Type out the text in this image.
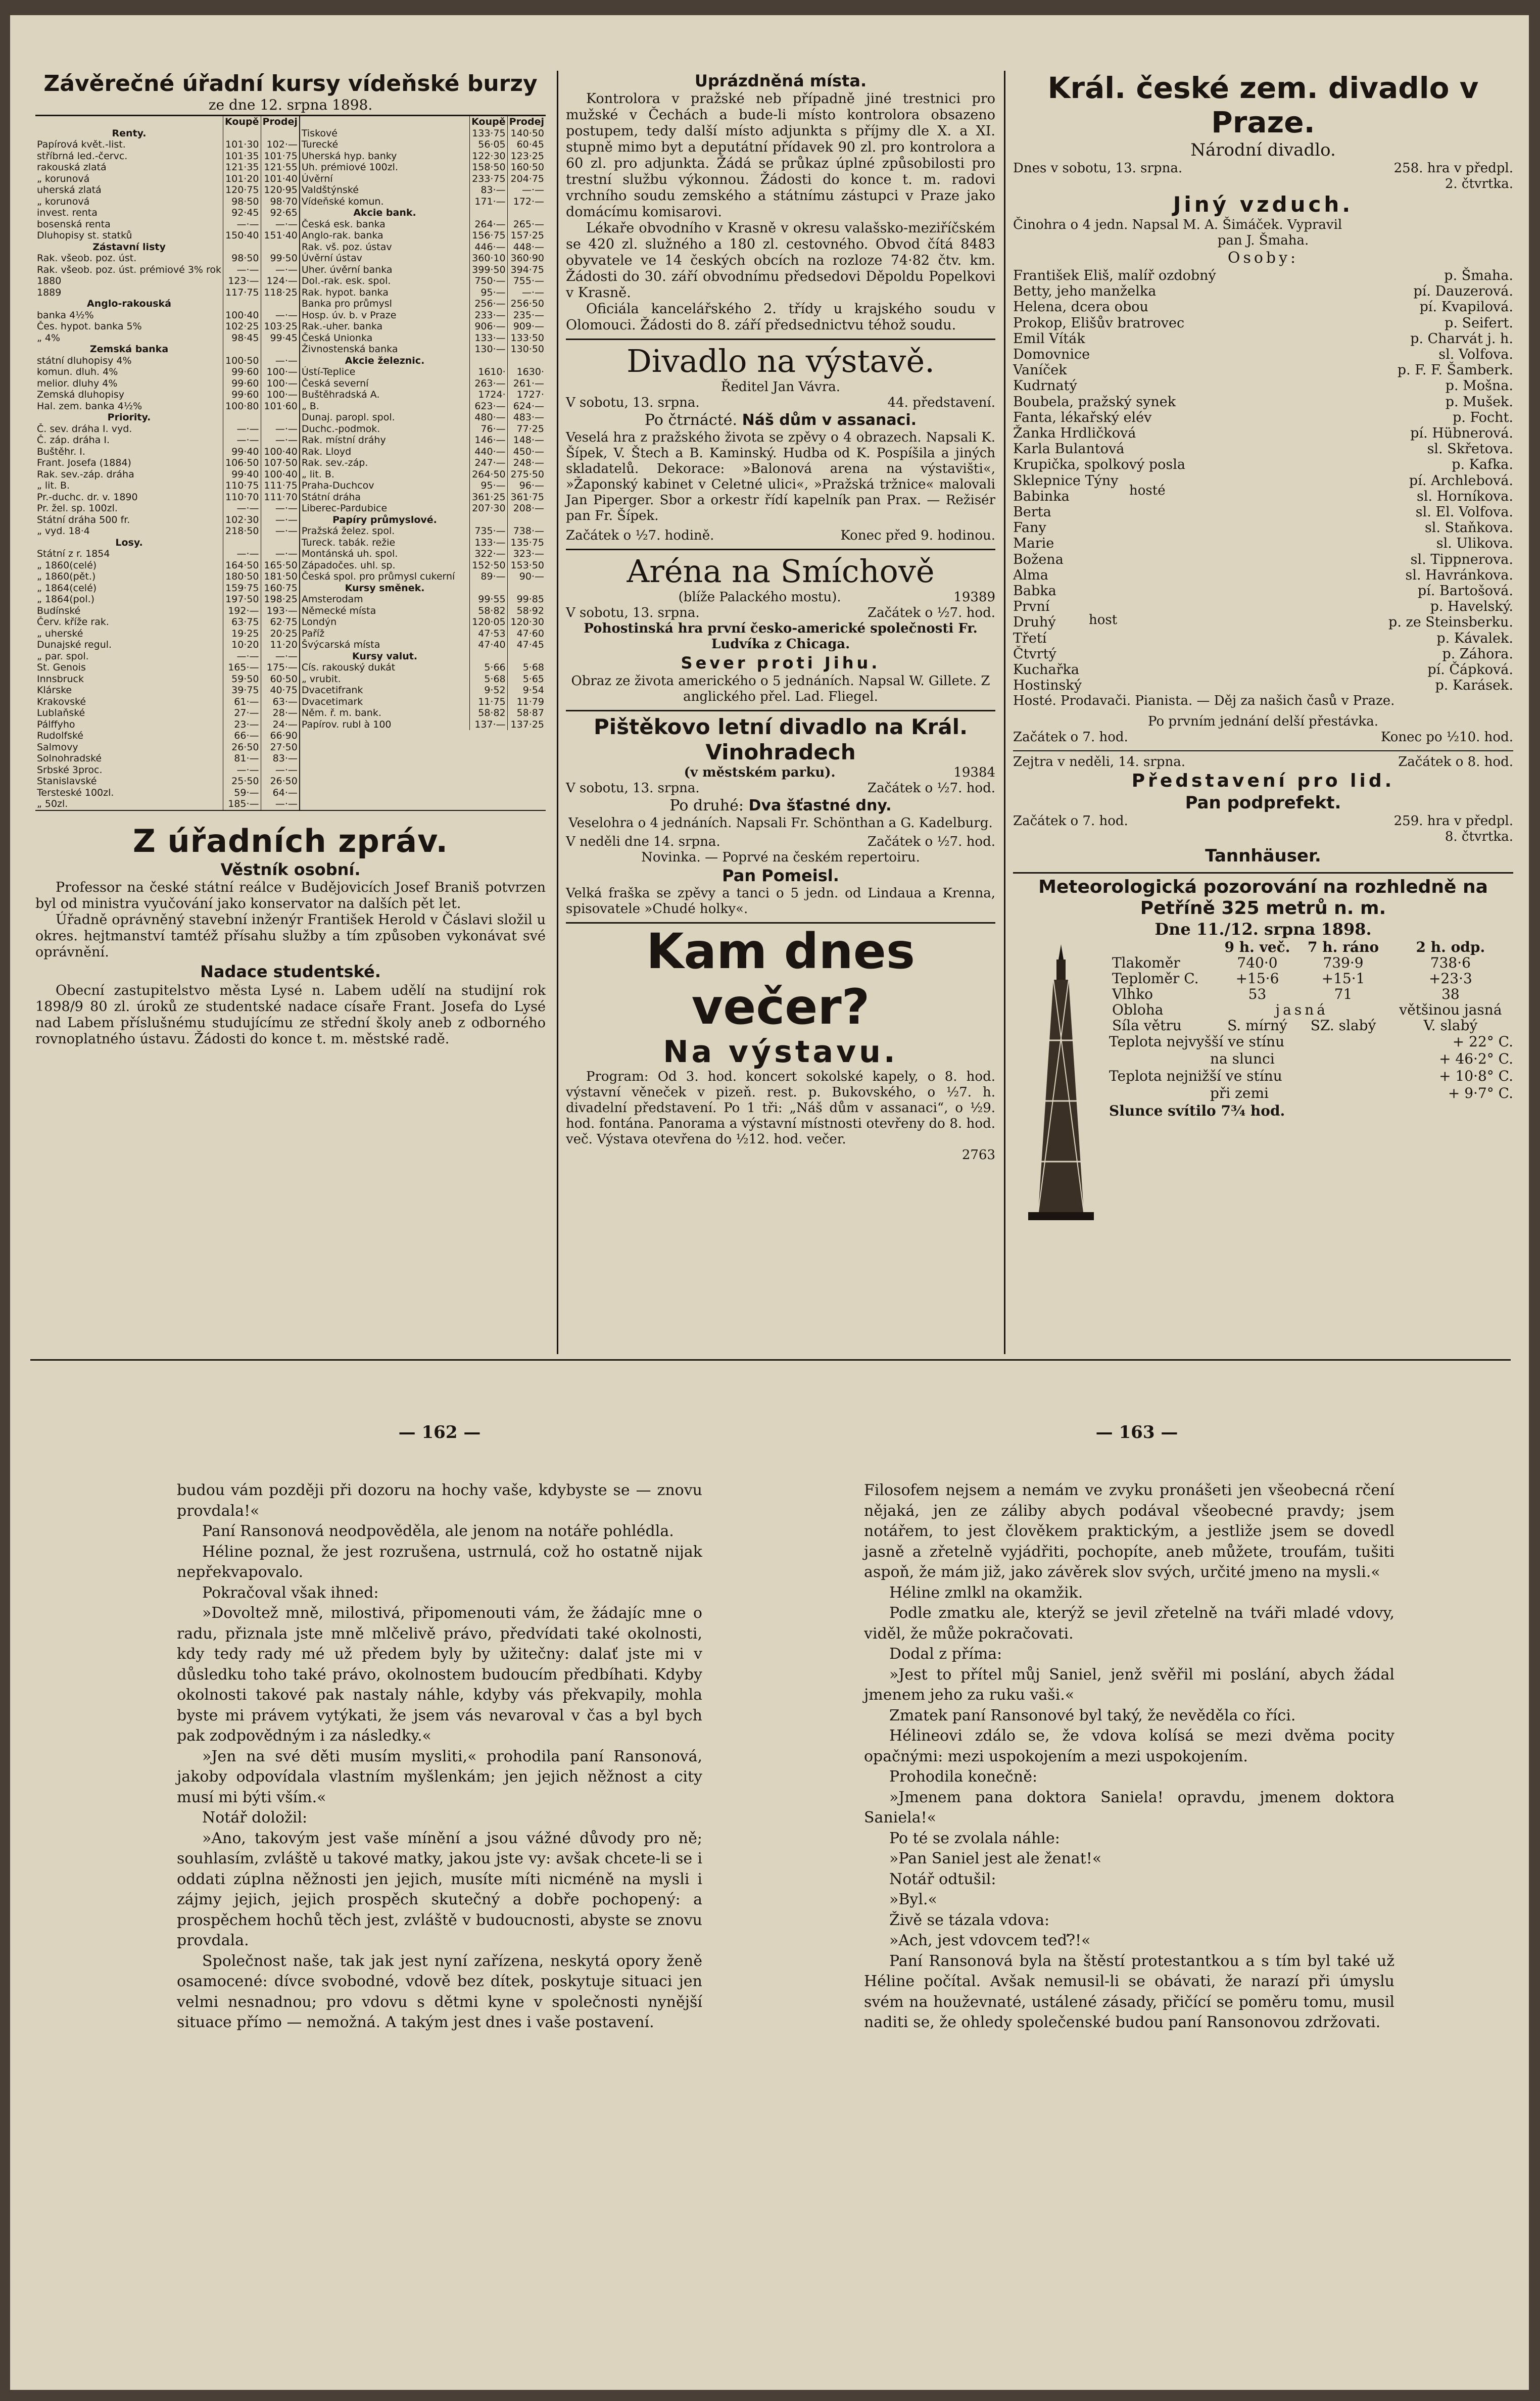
Závěrečné úřadní kursy vídeňské burzy
ze dne 12. srpna 1898.
	Koupě	Prodej
Renty.		
Papírová květ.-list.	101·30	102·—
stříbrná led.-červc.	101·35	101·75
rakouská zlatá	121·35	121·55
„ korunová	101·20	101·40
uherská zlatá	120·75	120·95
„ korunová	98·50	98·70
invest. renta	92·45	92·65
bosenská renta	—·—	—·—
Dluhopisy st. statků	150·40	151·40
Zástavní listy		
Rak. všeob. poz. úst.	98·50	99·50
Rak. všeob. poz. úst. prémiové 3% rok	—·—	—·—
1880	123·—	124·—
1889	117·75	118·25
Anglo-rakouská		
banka 4½%	100·40	—·—
Čes. hypot. banka 5%	102·25	103·25
„ 4%	98·45	99·45
Zemská banka		
státní dluhopisy 4%	100·50	—·—
komun. dluh. 4%	99·60	100·—
melior. dluhy 4%	99·60	100·—
Zemská dluhopisy	99·60	100·—
Hal. zem. banka 4½%	100·80	101·60
Priority.		
Č. sev. dráha I. vyd.	—·—	—·—
Č. záp. dráha I.	—·—	—·—
Buštěhr. I.	99·40	100·40
Frant. Josefa (1884)	106·50	107·50
Rak. sev.-záp. dráha	99·40	100·40
„ lit. B.	110·75	111·75
Pr.-duchc. dr. v. 1890	110·70	111·70
Pr. žel. sp. 100zl.	—·—	—·—
Státní dráha 500 fr.	102·30	—·—
„ vyd. 18·4	218·50	—·—
Losy.		
Státní z r. 1854	—·—	—·—
„ 1860(celé)	164·50	165·50
„ 1860(pět.)	180·50	181·50
„ 1864(celé)	159·75	160·75
„ 1864(pol.)	197·50	198·25
Budínské	192·—	193·—
Červ. kříže rak.	63·75	62·75
„ uherské	19·25	20·25
Dunajské regul.	10·20	11·20
„ par. spol.	—·—	—·—
St. Genois	165·—	175·—
Innsbruck	59·50	60·50
Klárske	39·75	40·75
Krakovské	61·—	63·—
Lublaňské	27·—	28·—
Pálffyho	23·—	24·—
Rudolfské	66·—	66·90
Salmovy	26·50	27·50
Solnohradské	81·—	83·—
Srbské 3proc.	—·—	—·—
Stanislavské	25·50	26·50
Tersteské 100zl.	59·—	64·—
„ 50zl.	185·—	—·—
	Koupě	Prodej
Tiskové	133·75	140·50
Turecké	56·05	60·45
Uherská hyp. banky	122·30	123·25
Uh. prémiové 100zl.	158·50	160·50
Úvěrní	233·75	204·75
Valdštýnské	83·—	—·—
Vídeňské komun.	171·—	172·—
Akcie bank.		
Česká esk. banka	264·—	265·—
Anglo-rak. banka	156·75	157·25
Rak. vš. poz. ústav	446·—	448·—
Úvěrní ústav	360·10	360·90
Uher. úvěrní banka	399·50	394·75
Dol.-rak. esk. spol.	750·—	755·—
Rak. hypot. banka	95·—	—·—
Banka pro průmysl	256·—	256·50
Hosp. úv. b. v Praze	233·—	235·—
Rak.-uher. banka	906·—	909·—
Česká Unionka	133·—	133·50
Živnostenská banka	130·—	130·50
Akcie železnic.		
Ústí-Teplice	1610·	1630·
Česká severní	263·—	261·—
Buštěhradská A.	1724·	1727·
„ B.	623·—	624·—
Dunaj. paropl. spol.	480·—	483·—
Duchc.-podmok.	76·—	77·25
Rak. místní dráhy	146·—	148·—
Rak. Lloyd	440·—	450·—
Rak. sev.-záp.	247·—	248·—
„ lit. B.	264·50	275·50
Praha-Duchcov	95·—	96·—
Státní dráha	361·25	361·75
Liberec-Pardubice	207·30	208·—
Papíry průmyslové.		
Pražská želez. spol.	735·—	738·—
Tureck. tabák. režie	133·—	135·75
Montánská uh. spol.	322·—	323·—
Západočes. uhl. sp.	152·50	153·50
Česká spol. pro průmysl cukerní	89·—	90·—
Kursy směnek.		
Amsterodam	99·55	99·85
Německé místa	58·82	58·92
Londýn	120·05	120·30
Paříž	47·53	47·60
Švýcarská místa	47·40	47·45
Kursy valut.		
Cís. rakouský dukát	5·66	5·68
„ vrubit.	5·68	5·65
Dvacetifrank	9·52	9·54
Dvacetimark	11·75	11·79
Něm. ř. m. bank.	58·82	58·87
Papírov. rubl à 100	137·—	137·25
Z úřadních zpráv.
Věstník osobní.

Professor na české státní reálce v Budějovicích Josef Braniš potvrzen byl od ministra vyučování jako konservator na dalších pět let.

Úřadně oprávněný stavební inženýr František Herold v Čáslavi složil u okres. hejtmanství tamtéž přísahu služby a tím způsoben vykonávat své oprávnění.

Nadace studentské.

Obecní zastupitelstvo města Lysé n. Labem udělí na studijní rok 1898/9 80 zl. úroků ze studentské nadace císaře Frant. Josefa do Lysé nad Labem příslušnému studujícímu ze střední školy aneb z odborného rovnoplatného ústavu. Žádosti do konce t. m. městské radě.

Uprázdněná místa.

Kontrolora v pražské neb případně jiné trestnici pro mužské v Čechách a bude-li místo kontrolora obsazeno postupem, tedy další místo adjunkta s příjmy dle X. a XI. stupně mimo byt a deputátní přídavek 90 zl. pro kontrolora a 60 zl. pro adjunkta. Žádá se průkaz úplné způsobilosti pro trestní službu výkonnou. Žádosti do konce t. m. radovi vrchního soudu zemského a státnímu zástupci v Praze jako domácímu komisarovi.

Lékaře obvodního v Krasně v okresu valašsko-meziříčském se 420 zl. služného a 180 zl. cestovného. Obvod čítá 8483 obyvatele ve 14 českých obcích na rozloze 74·82 čtv. km. Žádosti do 30. září obvodnímu předsedovi Děpoldu Popelkovi v Krasně.

Oficiála kancelářského 2. třídy u krajského soudu v Olomouci. Žádosti do 8. září předsednictvu téhož soudu.

Divadlo na výstavě.
Ředitel Jan Vávra.
V sobotu, 13. srpna.	44. představení.
Po čtrnácté. Náš dům v assanaci.

Veselá hra z pražského života se zpěvy o 4 obrazech. Napsali K. Šípek, V. Štech a B. Kaminský. Hudba od K. Pospíšila a jiných skladatelů. Dekorace: »Balonová arena na výstavišti«, »Žaponský kabinet v Celetné ulici«, »Pražská tržnice« malovali Jan Piperger. Sbor a orkestr řídí kapelník pan Prax. — Režisér pan Fr. Šípek.

Začátek o ½7. hodině.	Konec před 9. hodinou.
Aréna na Smíchově
(blíže Palackého mostu).	19389
V sobotu, 13. srpna.	Začátek o ½7. hod.

Pohostinská hra první česko-americké společnosti Fr. Ludvíka z Chicaga.

Sever proti Jihu.

Obraz ze života amerického o 5 jednáních. Napsal W. Gillete. Z anglického přel. Lad. Fliegel.

Pištěkovo letní divadlo na Král. Vinohradech
(v městském parku).	19384
V sobotu, 13. srpna.	Začátek o ½7. hod.
Po druhé: Dva šťastné dny.

Veselohra o 4 jednáních. Napsali Fr. Schönthan a G. Kadelburg.

V neděli dne 14. srpna.	Začátek o ½7. hod.

Novinka. — Poprvé na českém repertoiru.

Pan Pomeisl.

Velká fraška se zpěvy a tanci o 5 jedn. od Lindaua a Krenna, spisovatele »Chudé holky«.

Kam dnes večer?
Na výstavu.

Program: Od 3. hod. koncert sokolské kapely, o 8. hod. výstavní věneček v pizeň. rest. p. Bukovského, o ½7. h. divadelní představení. Po 1 tři: „Náš dům v assanaci“, o ½9. hod. fontána. Panorama a výstavní místnosti otevřeny do 8. hod. več. Výstava otevřena do ½12. hod. večer.

2763
Král. české zem. divadlo v Praze.
Národní divadlo.
Dnes v sobotu, 13. srpna.	258. hra v předpl.
2. čtvrtka.
Jiný vzduch.
Činohra o 4 jedn. Napsal M. A. Šimáček. Vypravil
pan J. Šmaha.
Osoby:
František Eliš, malíř ozdobný	p. Šmaha.
Betty, jeho manželka	pí. Dauzerová.
Helena, dcera obou	pí. Kvapilová.
Prokop, Elišův bratrovec	p. Seifert.
Emil Víták	p. Charvát j. h.
Domovnice	sl. Volfova.
Vaníček	p. F. F. Šamberk.
Kudrnatý	p. Mošna.
Boubela, pražský synek	p. Mušek.
Fanta, lékařský elév	p. Focht.
Žanka Hrdličková	pí. Hübnerová.
Karla Bulantová	sl. Skřetova.
Krupička, spolkový posla	p. Kafka.
Sklepnice Týny	pí. Archlebová.
Babinka	sl. Horníkova.
Berta	sl. El. Volfova.
Fany	sl. Staňkova.
Marie	sl. Ulikova.
Božena	sl. Tippnerova.
Alma	sl. Havránkova.
Babka	pí. Bartošová.
První	p. Havelský.
Druhý	p. ze Steinsberku.
Třetí	p. Kávalek.
Čtvrtý	p. Záhora.
Kuchařka	pí. Čápková.
Hostinský	p. Karásek.
hosté
host

Hosté. Prodavači. Pianista. — Děj za našich časů v Praze.

Po prvním jednání delší přestávka.
Začátek o 7. hod.	Konec po ½10. hod.
Zejtra v neděli, 14. srpna.	Začátek o 8. hod.
Představení pro lid.
Pan podprefekt.
Začátek o 7. hod.	259. hra v předpl.
8. čtvrtka.
Tannhäuser.
Meteorologická pozorování na rozhledně na Petříně 325 metrů n. m.
Dne 11./12. srpna 1898.
	9 h. več.	7 h. ráno	2 h. odp.
Tlakoměr	740·0	739·9	738·6
Teploměr C.	+15·6	+15·1	+23·3
Vlhko	53	71	38
Obloha	jasná		většinou jasná
Síla větru	S. mírný	SZ. slabý	V. slabý
Teplota nejvyšší ve stínu	+ 22° C.
na slunci	+ 46·2° C.
Teplota nejnižší ve stínu	+ 10·8° C.
při zemi	+ 9·7° C.
Slunce svítilo 7¾ hod.
— 162 —	— 163 —

budou vám později při dozoru na hochy vaše, kdybyste se — znovu provdala!«

Paní Ransonová neodpověděla, ale jenom na notáře pohlédla.

Héline poznal, že jest rozrušena, ustrnulá, což ho ostatně nijak nepřekvapovalo.

Pokračoval však ihned:

»Dovoltež mně, milostivá, připomenouti vám, že žádajíc mne o radu, přiznala jste mně mlčelivě právo, předvídati také okolnosti, kdy tedy rady mé už předem byly by užitečny: dalať jste mi v důsledku toho také právo, okolnostem budoucím předbíhati. Kdyby okolnosti takové pak nastaly náhle, kdyby vás překvapily, mohla byste mi právem vytýkati, že jsem vás nevaroval v čas a byl bych pak zodpovědným i za následky.«

»Jen na své děti musím mysliti,« prohodila paní Ransonová, jakoby odpovídala vlastním myšlenkám; jen jejich něžnost a city musí mi býti vším.«

Notář doložil:

»Ano, takovým jest vaše mínění a jsou vážné důvody pro ně; souhlasím, zvláště u takové matky, jakou jste vy: avšak chcete-li se i oddati zúplna něžnosti jen jejich, musíte míti nicméně na mysli i zájmy jejich, jejich prospěch skutečný a dobře pochopený: a prospěchem hochů těch jest, zvláště v budoucnosti, abyste se znovu provdala.

Společnost naše, tak jak jest nyní zařízena, neskytá opory ženě osamocené: dívce svobodné, vdově bez dítek, poskytuje situaci jen velmi nesnadnou; pro vdovu s dětmi kyne v společnosti nynější situace přímo — nemožná. A takým jest dnes i vaše postavení.

Filosofem nejsem a nemám ve zvyku pronášeti jen všeobecná rčení nějaká, jen ze záliby abych podával všeobecné pravdy; jsem notářem, to jest člověkem praktickým, a jestliže jsem se dovedl jasně a zřetelně vyjádřiti, pochopíte, aneb můžete, troufám, tušiti aspoň, že mám již, jako závěrek slov svých, určité jmeno na mysli.«

Héline zmlkl na okamžik.

Podle zmatku ale, kterýž se jevil zřetelně na tváři mladé vdovy, viděl, že může pokračovati.

Dodal z příma:

»Jest to přítel můj Saniel, jenž svěřil mi poslání, abych žádal jmenem jeho za ruku vaši.«

Zmatek paní Ransonové byl taký, že nevěděla co říci.

Hélineovi zdálo se, že vdova kolísá se mezi dvěma pocity opačnými: mezi uspokojením a mezi uspokojením.

Prohodila konečně:

»Jmenem pana doktora Saniela! opravdu, jmenem doktora Saniela!«

Po té se zvolala náhle:

»Pan Saniel jest ale ženat!«

Notář odtušil:

»Byl.«

Živě se tázala vdova:

»Ach, jest vdovcem teď?!«

Paní Ransonová byla na štěstí protestantkou a s tím byl také už Héline počítal. Avšak nemusil-li se obávati, že narazí při úmyslu svém na houževnaté, ustálené zásady, přičící se poměru tomu, musil naditi se, že ohledy společenské budou paní Ransonovou zdržovati.
